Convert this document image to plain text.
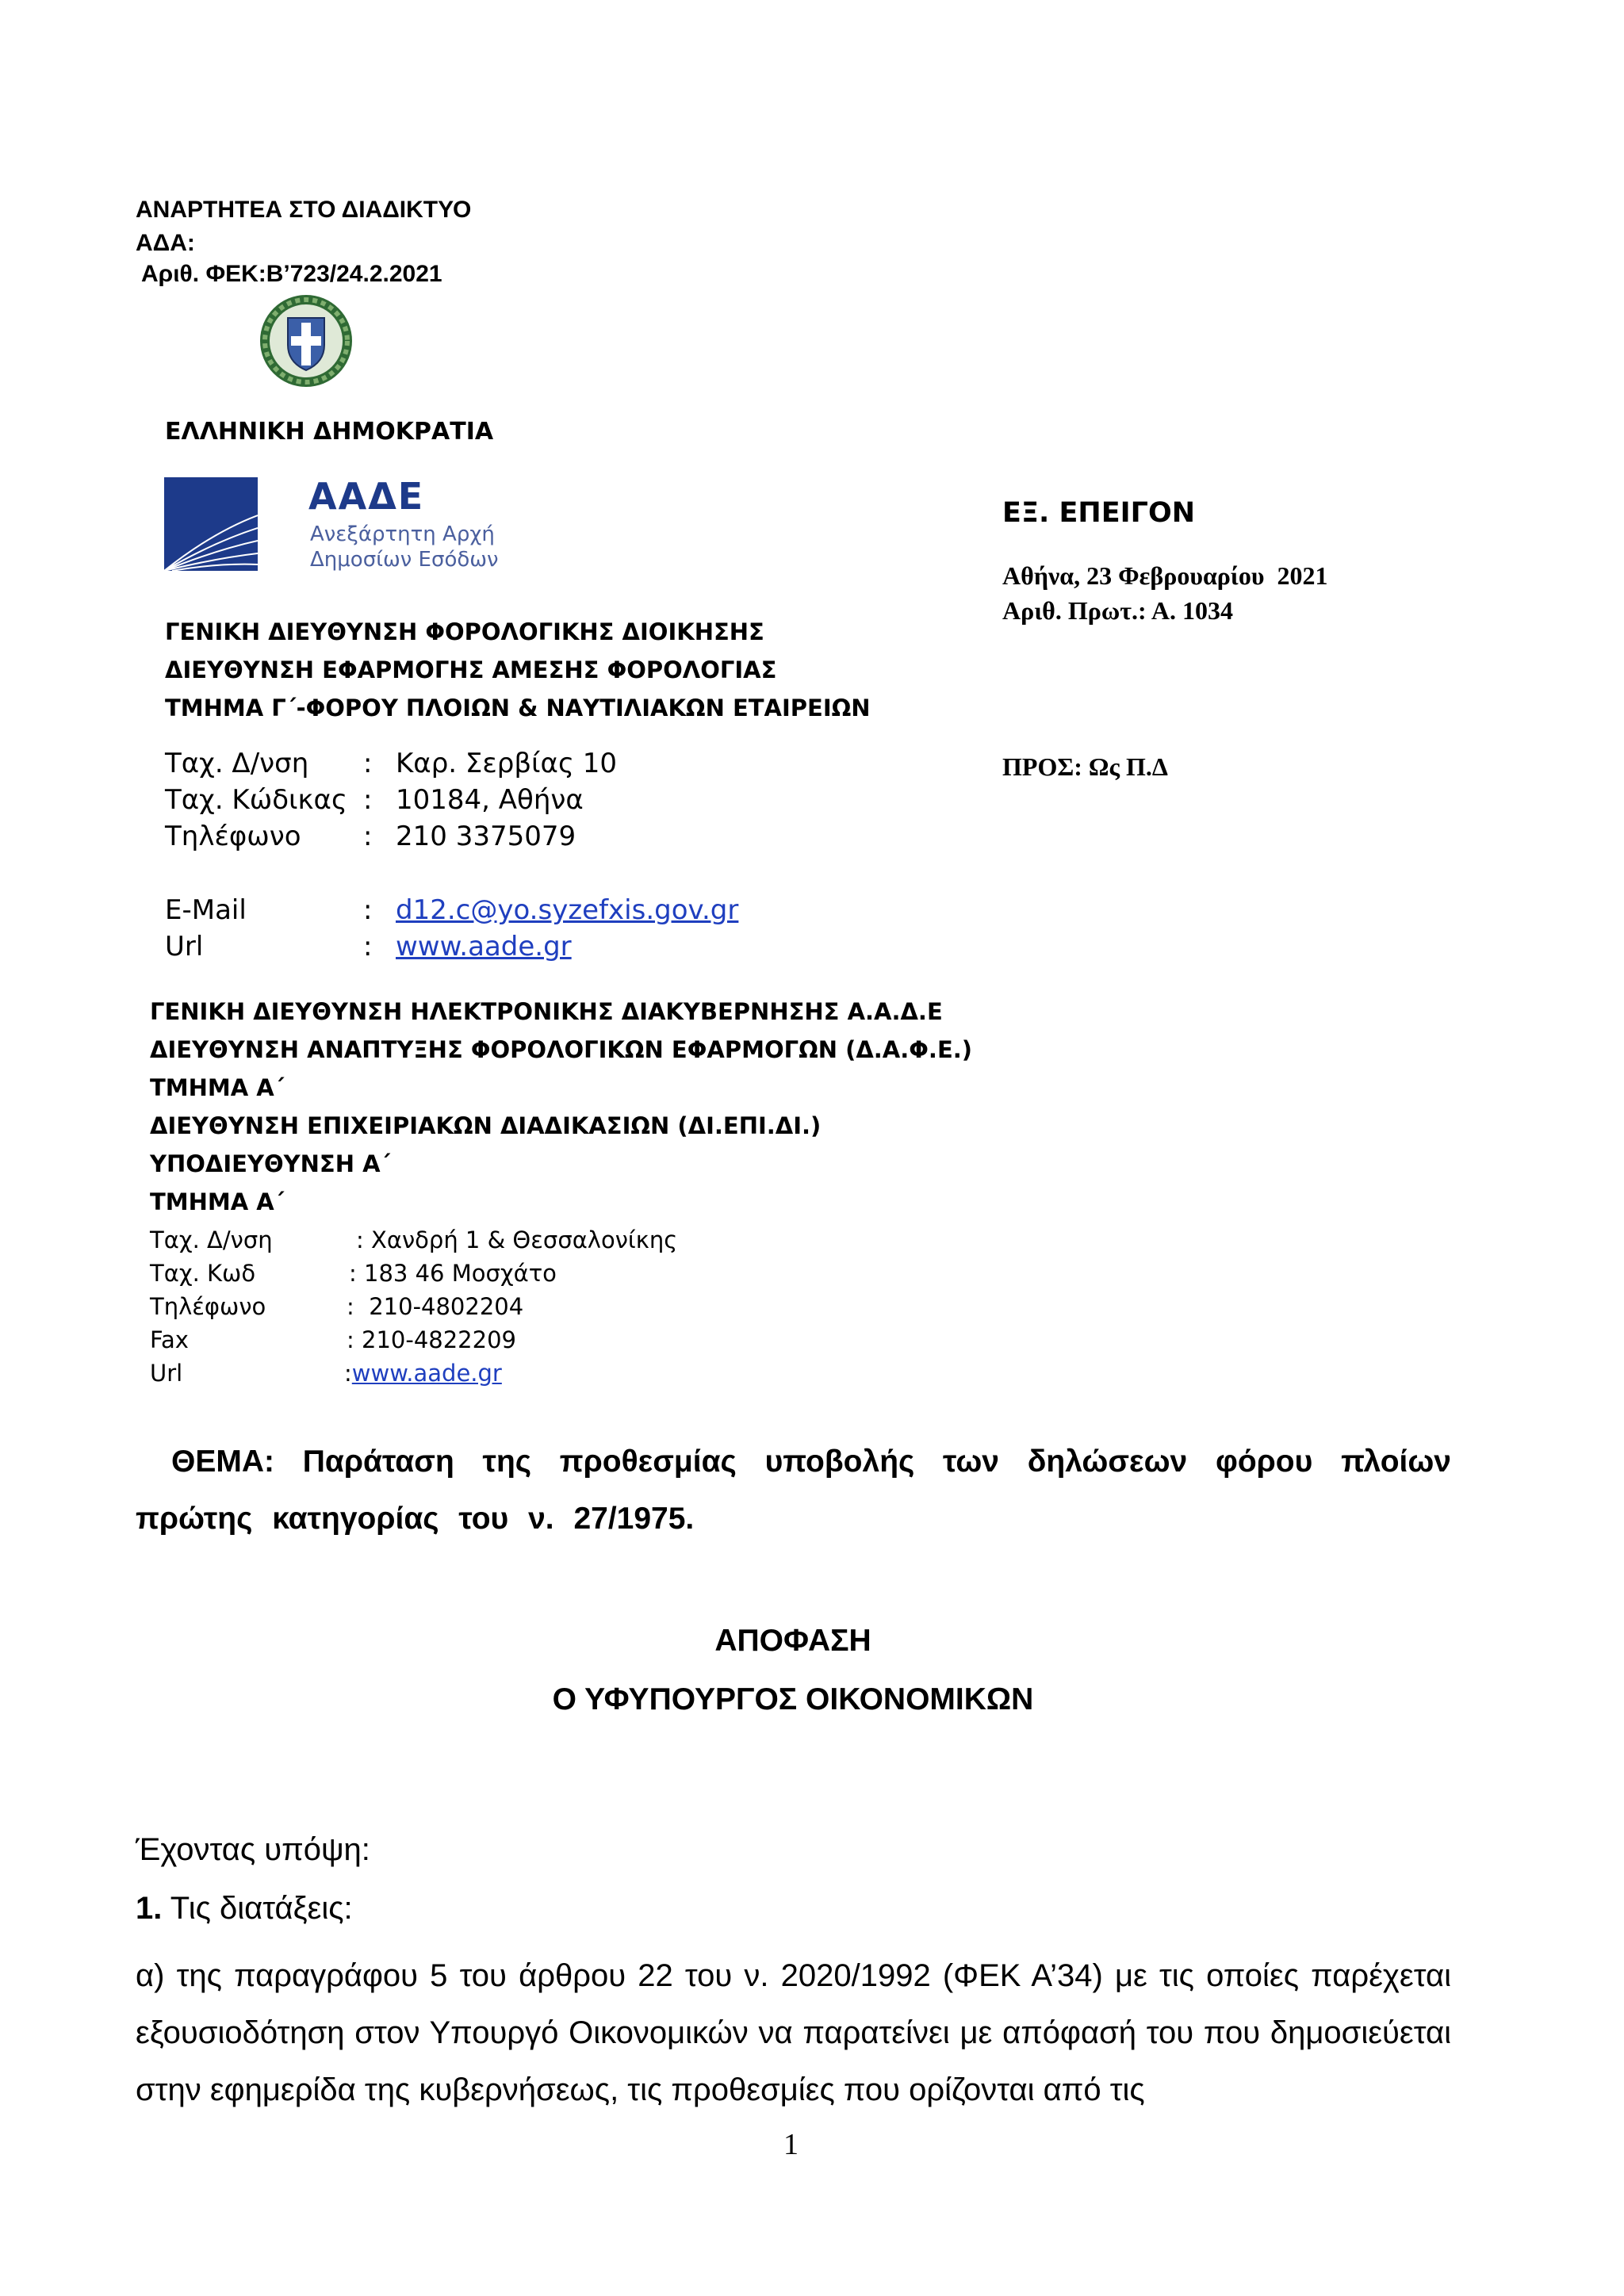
ΑΝΑΡΤΗΤΕΑ ΣΤΟ ΔΙΑΔΙΚΤΥΟ
ΑΔΑ:
Αριθ. ΦΕΚ:Β’723/24.2.2021
ΕΛΛΗΝΙΚΗ ΔΗΜΟΚΡΑΤΙΑ
ΑΑΔΕ
Ανεξάρτητη Αρχή
Δημοσίων Εσόδων
ΓΕΝΙΚΗ ΔΙΕΥΘΥΝΣΗ ΦΟΡΟΛΟΓΙΚΗΣ ΔΙΟΙΚΗΣΗΣ
ΔΙΕΥΘΥΝΣΗ ΕΦΑΡΜΟΓΗΣ ΑΜΕΣΗΣ ΦΟΡΟΛΟΓΙΑΣ
ΤΜΗΜΑ Γ΄-ΦΟΡΟΥ ΠΛΟΙΩΝ & ΝΑΥΤΙΛΙΑΚΩΝ ΕΤΑΙΡΕΙΩΝ
Ταχ. Δ/νση : Καρ. Σερβίας 10
Ταχ. Κώδικας : 10184, Αθήνα
Τηλέφωνο : 210 3375079
E-Mail	: d12.c@yo.syzefxis.gov.gr
Url	: www.aade.gr
ΕΞ. ΕΠΕΙΓΟΝ
Αθήνα, 23 Φεβρουαρίου  2021
Αριθ. Πρωτ.: Α. 1034
ΠΡΟΣ: Ως Π.Δ
ΓΕΝΙΚΗ ΔΙΕΥΘΥΝΣΗ ΗΛΕΚΤΡΟΝΙΚΗΣ ΔΙΑΚΥΒΕΡΝΗΣΗΣ Α.Α.Δ.Ε
ΔΙΕΥΘΥΝΣΗ ΑΝΑΠΤΥΞΗΣ ΦΟΡΟΛΟΓΙΚΩΝ ΕΦΑΡΜΟΓΩΝ (Δ.Α.Φ.Ε.)
ΤΜΗΜΑ Α΄
ΔΙΕΥΘΥΝΣΗ ΕΠΙΧΕΙΡΙΑΚΩΝ ΔΙΑΔΙΚΑΣΙΩΝ (ΔΙ.ΕΠΙ.ΔΙ.)
ΥΠΟΔΙΕΥΘΥΝΣΗ Α΄
ΤΜΗΜΑ Α΄
Ταχ. Δ/νση	: Χανδρή 1 & Θεσσαλονίκης
Ταχ. Κωδ	: 183 46 Μοσχάτο
Τηλέφωνο	:  210-4802204
Fax	: 210-4822209
Url	:www.aade.gr
ΘΕΜΑ: Παράταση της προθεσμίας υποβολής των δηλώσεων φόρου πλοίων πρώτης κατηγορίας του ν. 27/1975.
ΑΠΟΦΑΣΗ
Ο ΥΦΥΠΟΥΡΓΟΣ ΟΙΚΟΝΟΜΙΚΩΝ
Έχοντας υπόψη:
1. Τις διατάξεις:
α) της παραγράφου 5 του άρθρου 22 του ν. 2020/1992 (ΦΕΚ Α’34) με τις οποίες παρέχεται εξουσιοδότηση στον Υπουργό Οικονομικών να παρατείνει με απόφασή του που δημοσιεύεται στην εφημερίδα της κυβερνήσεως, τις προθεσμίες που ορίζονται από τις
1
